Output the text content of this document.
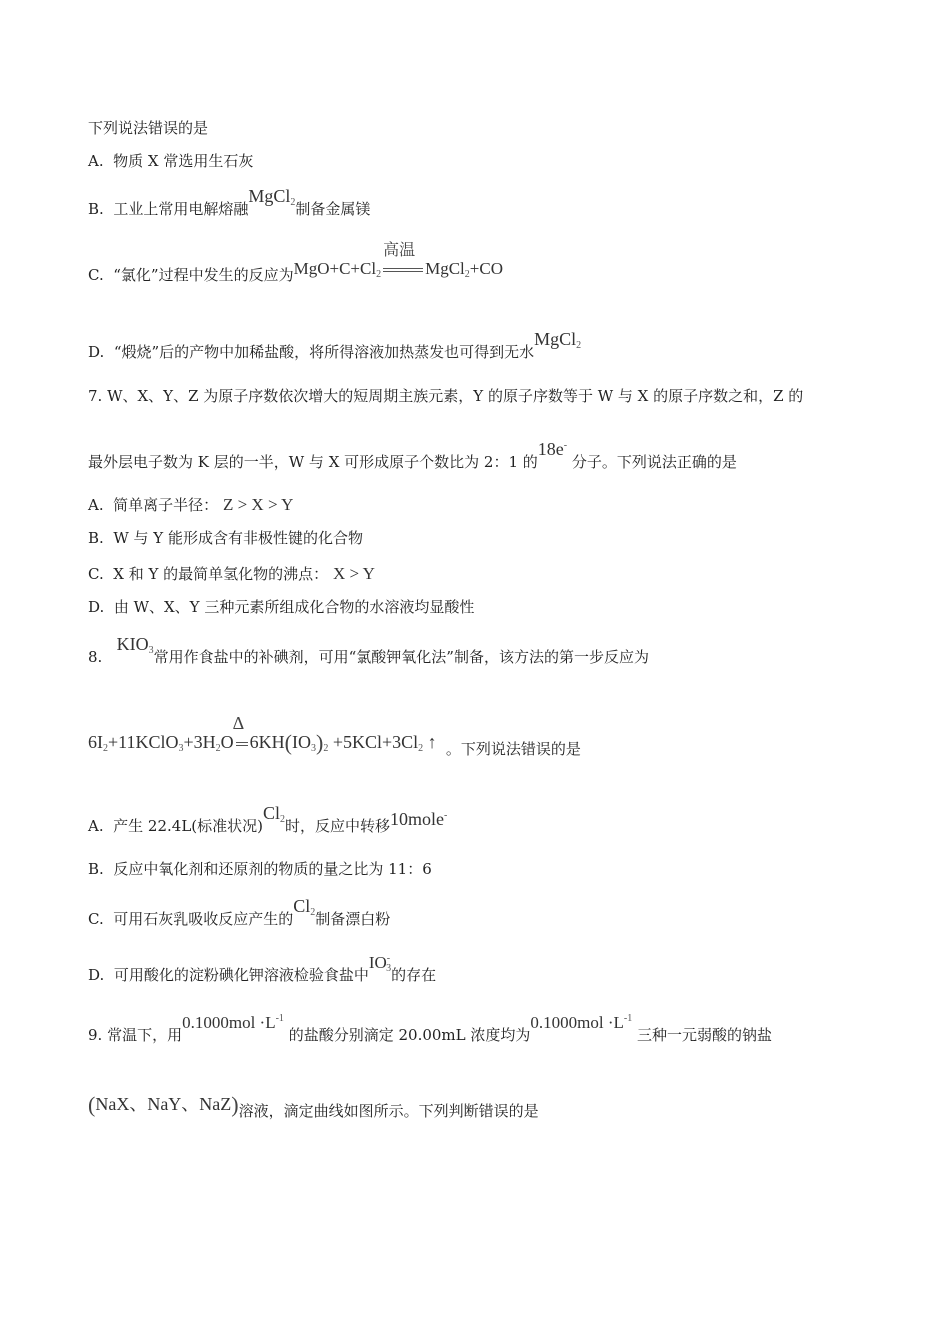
下列说法错误的是
A. 物质 X 常选用生石灰
B. 工业上常用电解熔融MgCl$_2$制备金属镁
C. “氯化”过程中发生的反应为$MgO+C+Cl_2$
高温
MgCl$_2$+CO
D. “煅烧”后的产物中加稀盐酸，将所得溶液加热蒸发也可得到无水MgCl$_2$
7. W、X、Y、Z 为原子序数依次增大的短周期主族元素，Y 的原子序数等于 W 与 X 的原子序数之和，Z 的
最外层电子数为 K 层的一半，W 与 X 可形成原子个数比为 2：1 的18e- 分子。下列说法正确的是
A. 简单离子半径： Z > X > Y
B. W 与 Y 能形成含有非极性键的化合物
C. X 和 Y 的最简单氢化物的沸点： X > Y
D. 由 W、X、Y 三种元素所组成化合物的水溶液均显酸性
8.   $KIO_3$常用作食盐中的补碘剂，可用“氯酸钾氧化法”制备，该方法的第一步反应为
$6I_2+11KClO_3+3H_2O$
Δ
$6KH(IO_3)_2 +5KCl+3Cl_2$ ↑ 。下列说法错误的是
A. 产生 22.4L(标准状况)$Cl_2$时，反应中转移10mole-
B. 反应中氧化剂和还原剂的物质的量之比为 11：6
C. 可用石灰乳吸收反应产生的$Cl_2$制备漂白粉
D. 可用酸化的淀粉碘化钾溶液检验食盐中$IO^-_3$的存在
9. 常温下，用$0.1000mol \cdot L^{-1}$ 的盐酸分别滴定 20.00mL 浓度均为$0.1000mol \cdot L^{-1}$ 三种一元弱酸的钠盐
(NaX、NaY、NaZ)溶液，滴定曲线如图所示。下列判断错误的是
